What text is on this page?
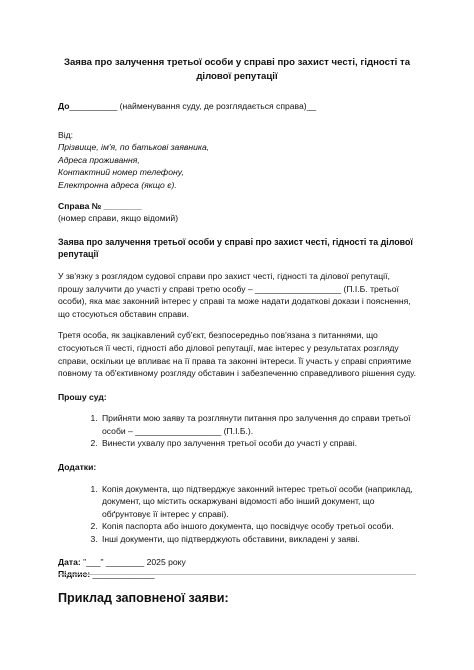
Заява про залучення третьої особи у справі про захист честі, гідності та ділової репутації

До__________ (найменування суду, де розглядається справа)__
Від:
Прізвище, ім'я, по батькові заявника,
Адреса проживання,
Контактний номер телефону,
Електронна адреса (якщо є).
Справа № ________
(номер справи, якщо відомий)
Заява про залучення третьої особи у справі про захист честі, гідності та ділової репутації

У зв'язку з розглядом судової справи про захист честі, гідності та ділової репутації, прошу залучити до участі у справі третю особу – __________________ (П.І.Б. третьої особи), яка має законний інтерес у справі та може надати додаткові докази і пояснення, що стосуються обставин справи.

Третя особа, як зацікавлений суб'єкт, безпосередньо пов'язана з питаннями, що стосуються її честі, гідності або ділової репутації, має інтерес у результатах розгляду справи, оскільки це впливає на її права та законні інтереси. Її участь у справі сприятиме повному та об'єктивному розгляду обставин і забезпеченню справедливого рішення суду.

Прошу суд:
1. Прийняти мою заяву та розглянути питання про залучення до справи третьої особи – __________________ (П.І.Б.).
2. Винести ухвалу про залучення третьої особи до участі у справі.
Додатки:
1. Копія документа, що підтверджує законний інтерес третьої особи (наприклад, документ, що містить оскаржувані відомості або інший документ, що обґрунтовує її інтерес у справі).
2. Копія паспорта або іншого документа, що посвідчує особу третьої особи.
3. Інші документи, що підтверджують обставини, викладені у заяві.
Дата: "___" ________ 2025 року
Підпис: _____________
Приклад заповненої заяви:
